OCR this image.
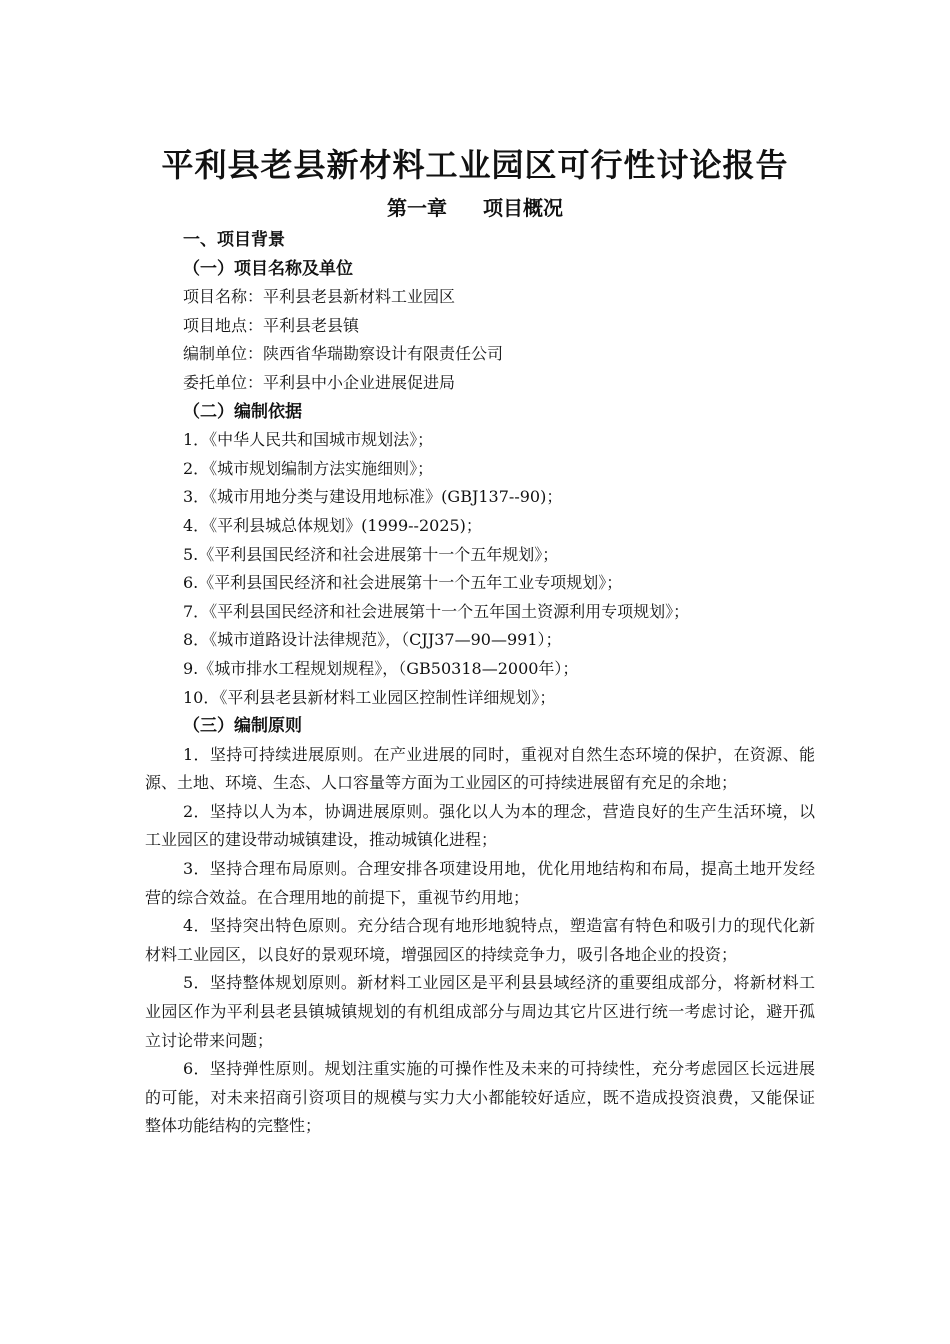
平利县老县新材料工业园区可行性讨论报告
第一章 项目概况
一、项目背景
（一）项目名称及单位
项目名称：平利县老县新材料工业园区
项目地点：平利县老县镇
编制单位：陕西省华瑞勘察设计有限责任公司
委托单位：平利县中小企业进展促进局
（二）编制依据
1．《中华人民共和国城市规划法》；
2．《城市规划编制方法实施细则》；
3．《城市用地分类与建设用地标准》(GBJ137--90)；
4．《平利县城总体规划》(1999--2025)；
5.《平利县国民经济和社会进展第十一个五年规划》；
6.《平利县国民经济和社会进展第十一个五年工业专项规划》；
7．《平利县国民经济和社会进展第十一个五年国土资源利用专项规划》；
8．《城市道路设计法律规范》，（CJJ37—90—991）；
9.《城市排水工程规划规程》，（GB50318—2000年）；
10．《平利县老县新材料工业园区控制性详细规划》；
（三）编制原则

1．坚持可持续进展原则。在产业进展的同时，重视对自然生态环境的保护，在资源、能源、土地、环境、生态、人口容量等方面为工业园区的可持续进展留有充足的余地；

2．坚持以人为本，协调进展原则。强化以人为本的理念，营造良好的生产生活环境，以工业园区的建设带动城镇建设，推动城镇化进程；

3．坚持合理布局原则。合理安排各项建设用地，优化用地结构和布局，提高土地开发经营的综合效益。在合理用地的前提下，重视节约用地；

4．坚持突出特色原则。充分结合现有地形地貌特点，塑造富有特色和吸引力的现代化新材料工业园区，以良好的景观环境，增强园区的持续竞争力，吸引各地企业的投资；

5．坚持整体规划原则。新材料工业园区是平利县县域经济的重要组成部分，将新材料工业园区作为平利县老县镇城镇规划的有机组成部分与周边其它片区进行统一考虑讨论，避开孤立讨论带来问题；

6．坚持弹性原则。规划注重实施的可操作性及未来的可持续性，充分考虑园区长远进展的可能，对未来招商引资项目的规模与实力大小都能较好适应，既不造成投资浪费，又能保证整体功能结构的完整性；
